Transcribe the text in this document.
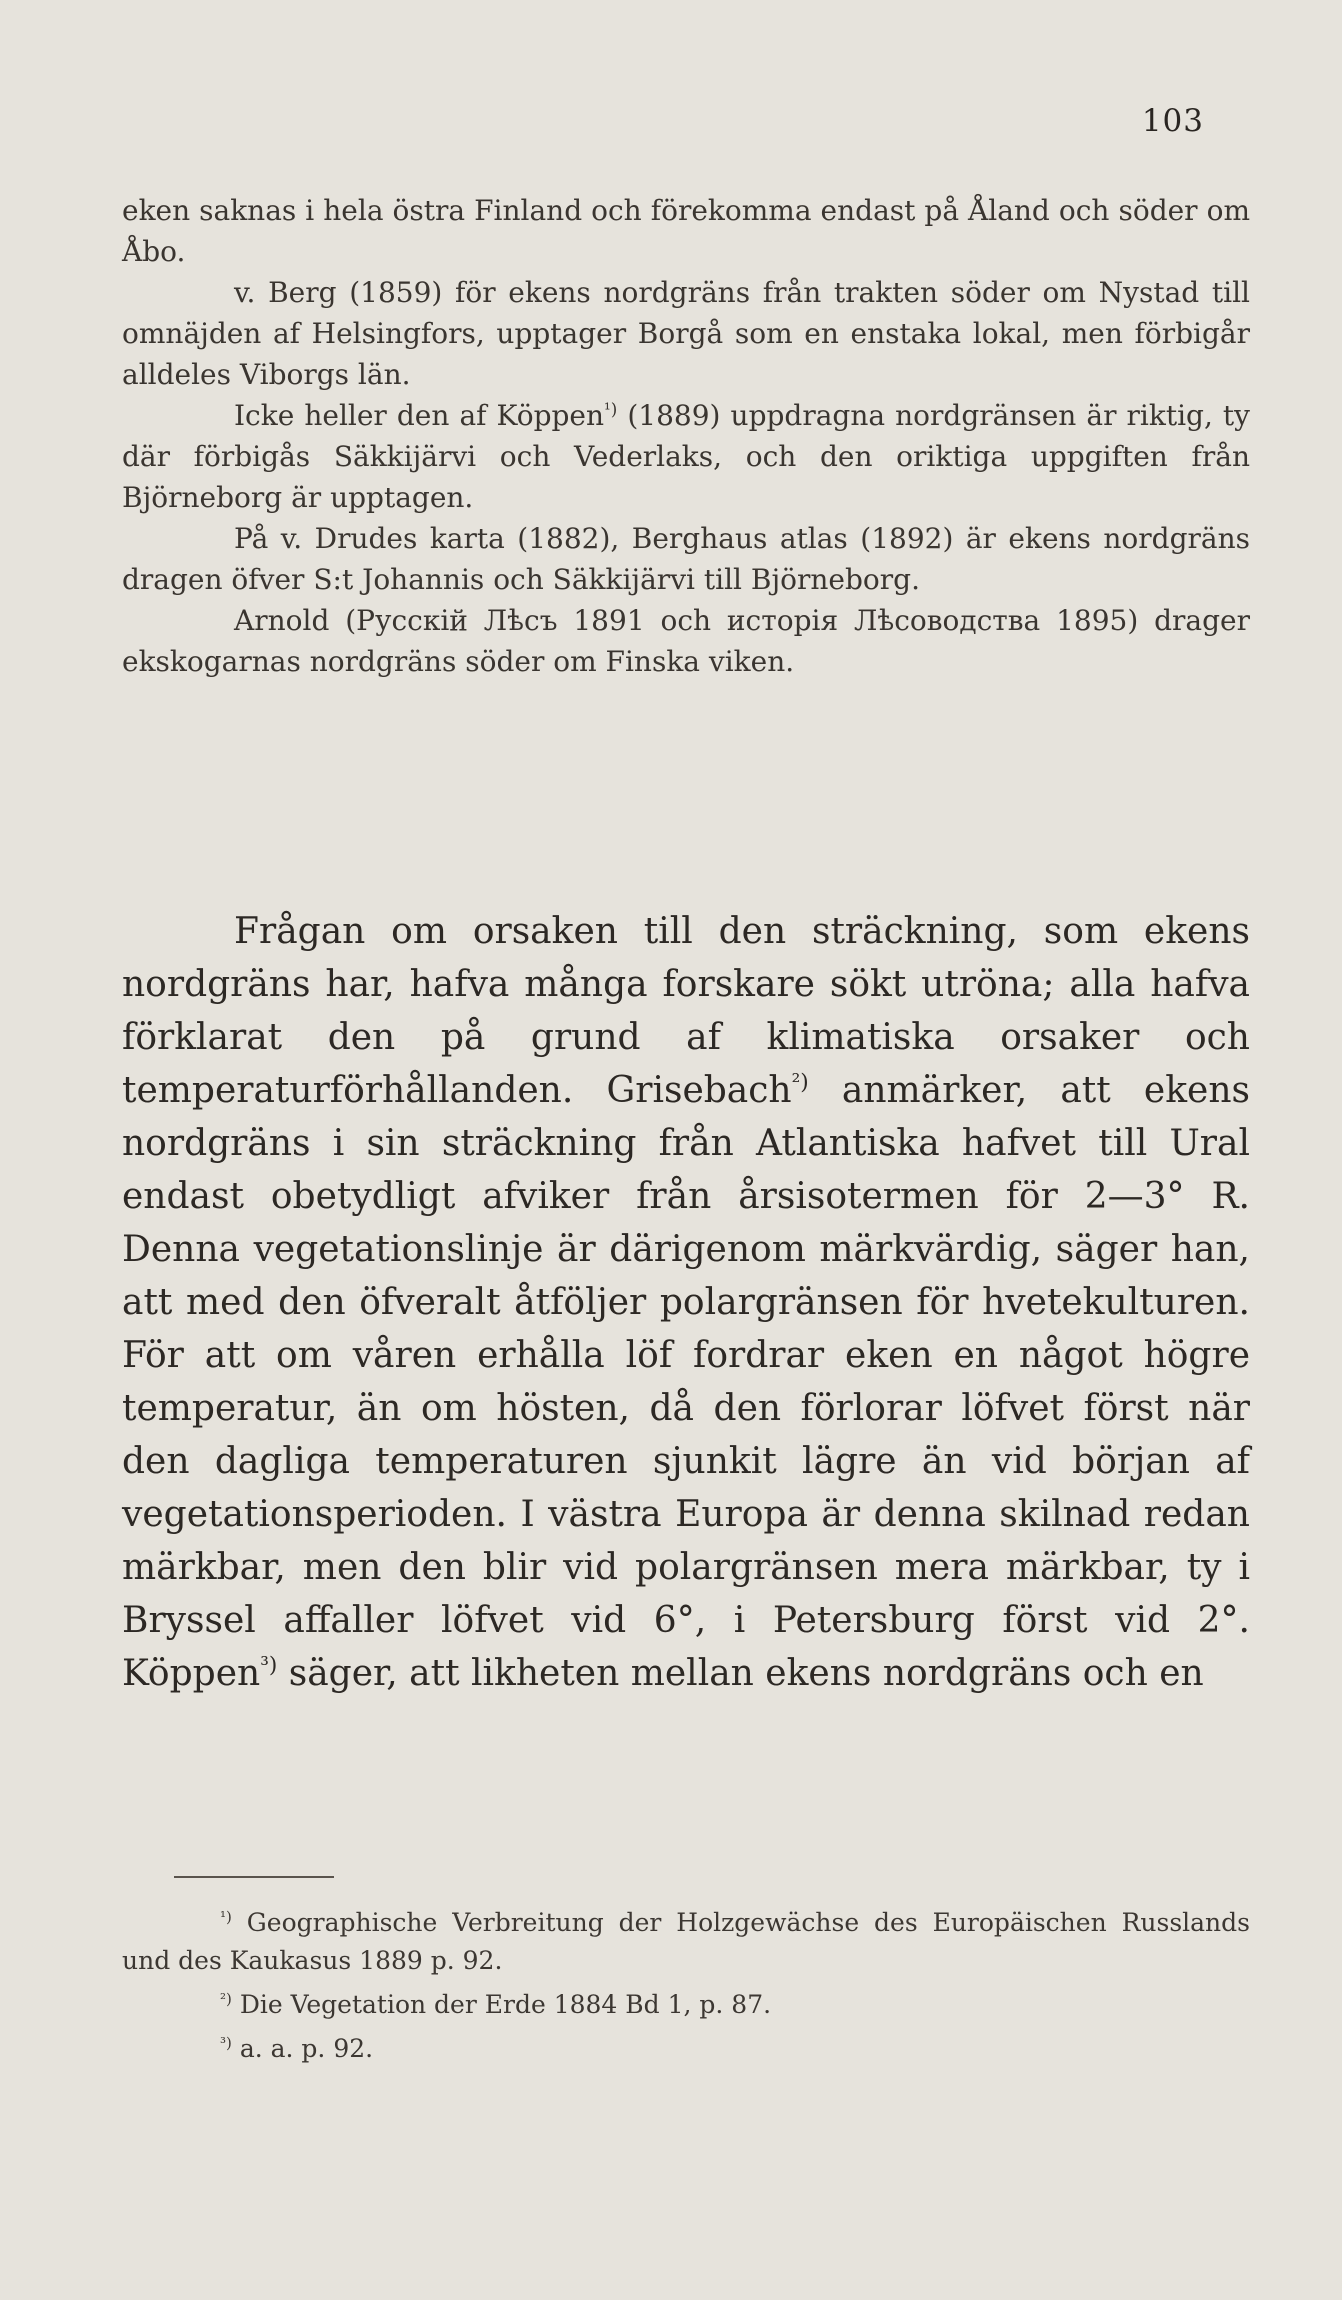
103

eken saknas i hela östra Finland och förekomma endast på Åland och söder om Åbo.

v. Berg (1859) för ekens nordgräns från trakten söder om Nystad till omnäjden af Helsingfors, upptager Borgå som en enstaka lokal, men förbigår alldeles Viborgs län.

Icke heller den af Köppen$^{^1)}$ (1889) uppdragna nordgränsen är riktig, ty där förbigås Säkkijärvi och Vederlaks, och den oriktiga uppgiften från Björneborg är upptagen.

På v. Drudes karta (1882), Berghaus atlas (1892) är ekens nordgräns dragen öfver S:t Johannis och Säkkijärvi till Björneborg.

Arnold (Русскій Лѣсъ 1891 och исторія Лѣсоводства 1895) drager ekskogarnas nordgräns söder om Finska viken.

Frågan om orsaken till den sträckning, som ekens nordgräns har, hafva många forskare sökt utröna; alla hafva förklarat den på grund af klimatiska orsaker och temperaturförhållanden. Grisebach$^{^2)}$ anmärker, att ekens nordgräns i sin sträckning från Atlantiska hafvet till Ural endast obetydligt afviker från årsisotermen för 2—3° R. Denna vegetationslinje är därigenom märkvärdig, säger han, att med den öfveralt åtföljer polargränsen för hvetekulturen. För att om våren erhålla löf fordrar eken en något högre temperatur, än om hösten, då den förlorar löfvet först när den dagliga temperaturen sjunkit lägre än vid början af vegetationsperioden. I västra Europa är denna skilnad redan märkbar, men den blir vid polargränsen mera märkbar, ty i Bryssel affaller löfvet vid 6°, i Petersburg först vid 2°. Köppen$^{^3)}$ säger, att likheten mellan ekens nordgräns och en

$^{^1)}$ Geographische Verbreitung der Holzgewächse des Europäischen Russlands und des Kaukasus 1889 p. 92.

$^{^2)}$ Die Vegetation der Erde 1884 Bd 1, p. 87.

$^{^3)}$ a. a. p. 92.
